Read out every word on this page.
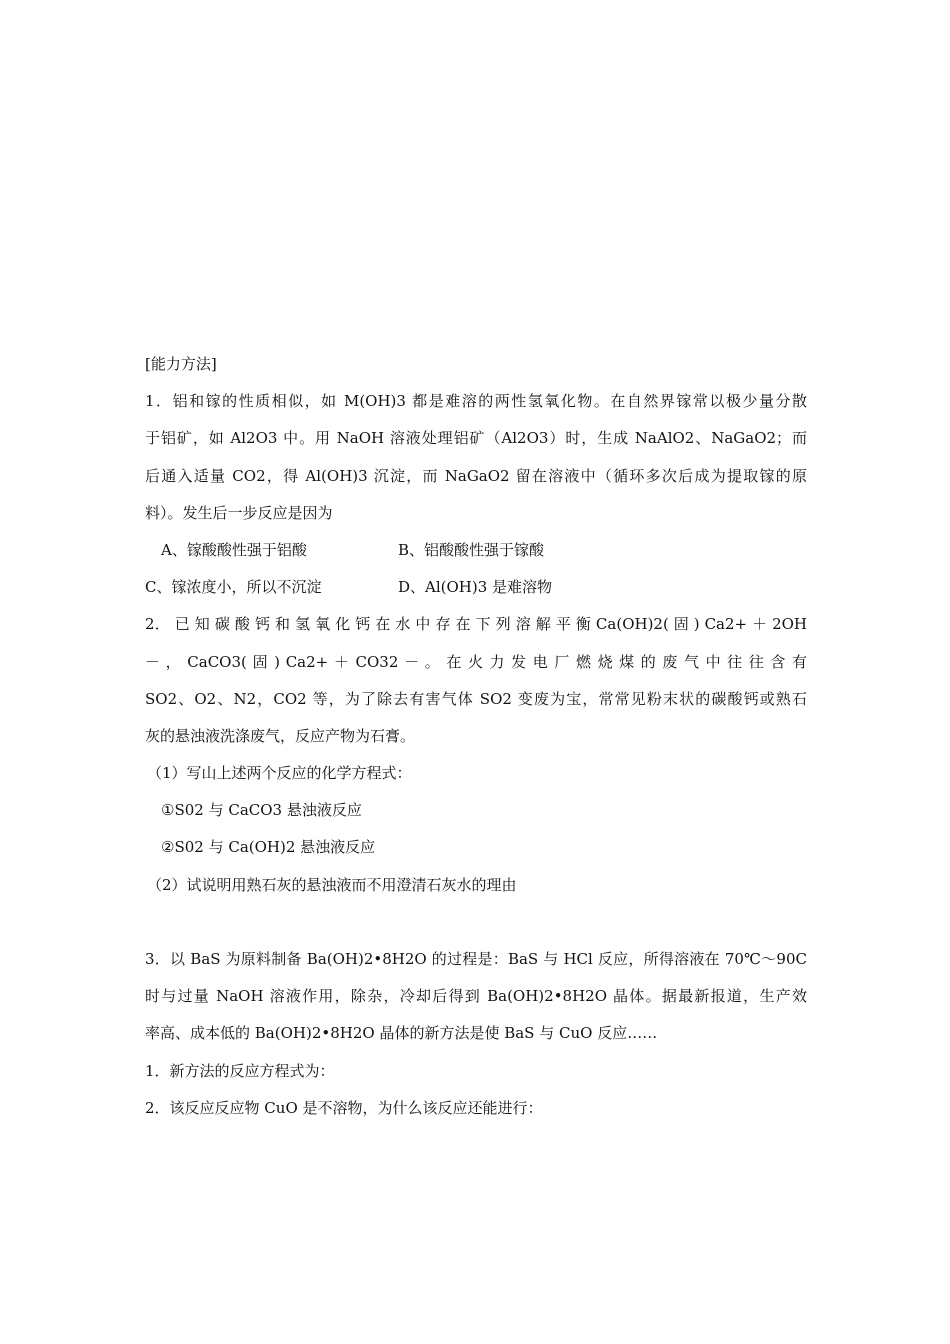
[能力方法]
1．铝和镓的性质相似，如 M(OH)3 都是难溶的两性氢氧化物。在自然界镓常以极少量分散
于铝矿，如 Al2O3 中。用 NaOH 溶液处理铝矿（Al2O3）时，生成 NaAlO2、NaGaO2；而
后通入适量 CO2，得 Al(OH)3 沉淀，而 NaGaO2 留在溶液中（循环多次后成为提取镓的原
料）。发生后一步反应是因为
A、镓酸酸性强于铝酸	B、铝酸酸性强于镓酸
C、镓浓度小，所以不沉淀	D、Al(OH)3 是难溶物
2． 已 知 碳 酸 钙 和 氢 氧 化 钙 在 水 中 存 在 下 列 溶 解 平 衡 Ca(OH)2( 固 ) Ca2+ ＋ 2OH
－ ， CaCO3( 固 ) Ca2+ ＋ CO32 － 。 在 火 力 发 电 厂 燃 烧 煤 的 废 气 中 往 往 含 有
SO2、O2、N2，CO2 等，为了除去有害气体 SO2 变废为宝，常常见粉末状的碳酸钙或熟石
灰的悬浊液洗涤废气，反应产物为石膏。
（1）写山上述两个反应的化学方程式：
①S02 与 CaCO3 悬浊液反应
②S02 与 Ca(OH)2 悬浊液反应
（2）试说明用熟石灰的悬浊液而不用澄清石灰水的理由
3．以 BaS 为原料制备 Ba(OH)2•8H2O 的过程是：BaS 与 HCl 反应，所得溶液在 70℃～90C
时与过量 NaOH 溶液作用，除杂，冷却后得到 Ba(OH)2•8H2O 晶体。据最新报道，生产效
率高、成本低的 Ba(OH)2•8H2O 晶体的新方法是使 BaS 与 CuO 反应……
1．新方法的反应方程式为：
2．该反应反应物 CuO 是不溶物，为什么该反应还能进行：
